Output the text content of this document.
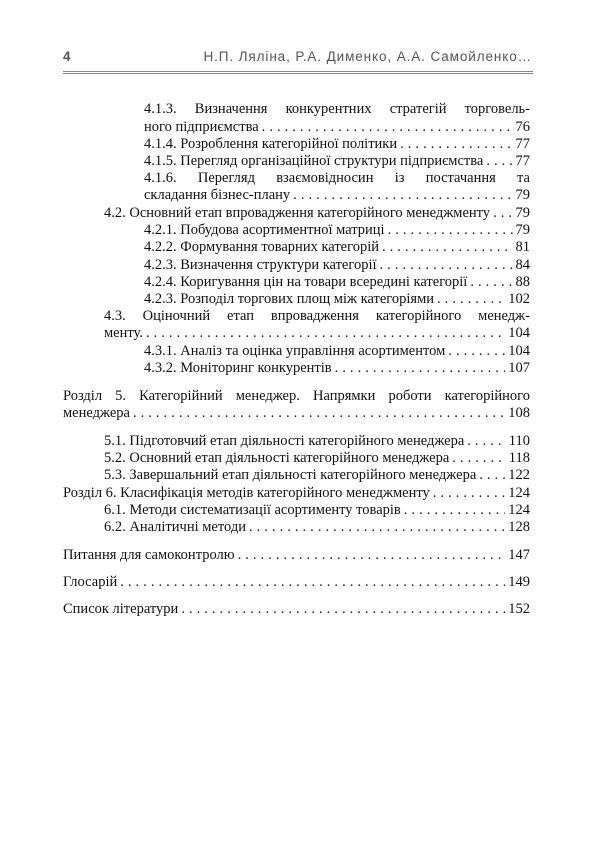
4	Н.П. Ляліна, Р.А. Дименко, А.А. Самойленко…
4.1.3. Визначення конкурентних стратегій торговель-
ного підприємства . . .	76
4.1.4. Розроблення категорійної політики . . .	77
4.1.5. Перегляд організаційної структури підприємства . . . 77
4.1.6. Перегляд взаємовідносин із постачання та
складання бізнес-плану . . .	79
4.2. Основний етап впровадження категорійного менеджменту . . . 79
4.2.1. Побудова асортиментної матриці . . .	79
4.2.2. Формування товарних категорій . . .	81
4.2.3. Визначення структури категорії . . .	84
4.2.4. Коригування цін на товари всередині категорії . . .	88
4.2.3. Розподіл торгових площ між категоріями . . .	102
4.3. Оціночний етап впровадження категорійного менедж-
менту. . . .	104
4.3.1. Аналіз та оцінка управління асортиментом . . .	104
4.3.2. Моніторинг конкурентів . . .	107
Розділ 5. Категорійний менеджер. Напрямки роботи категорійного
менеджера . . .	108
5.1. Підготовчий етап діяльності категорійного менеджера . . .	110
5.2. Основний етап діяльності категорійного менеджера . . .	118
5.3. Завершальний етап діяльності категорійного менеджера . . . 122
Розділ 6. Класифікація методів категорійного менеджменту . . .	124
6.1. Методи систематизації асортименту товарів . . .	124
6.2. Аналітичні методи . . .	128
Питання для самоконтролю . . .	147
Глосарій . . .	149
Список літератури . . .	152
